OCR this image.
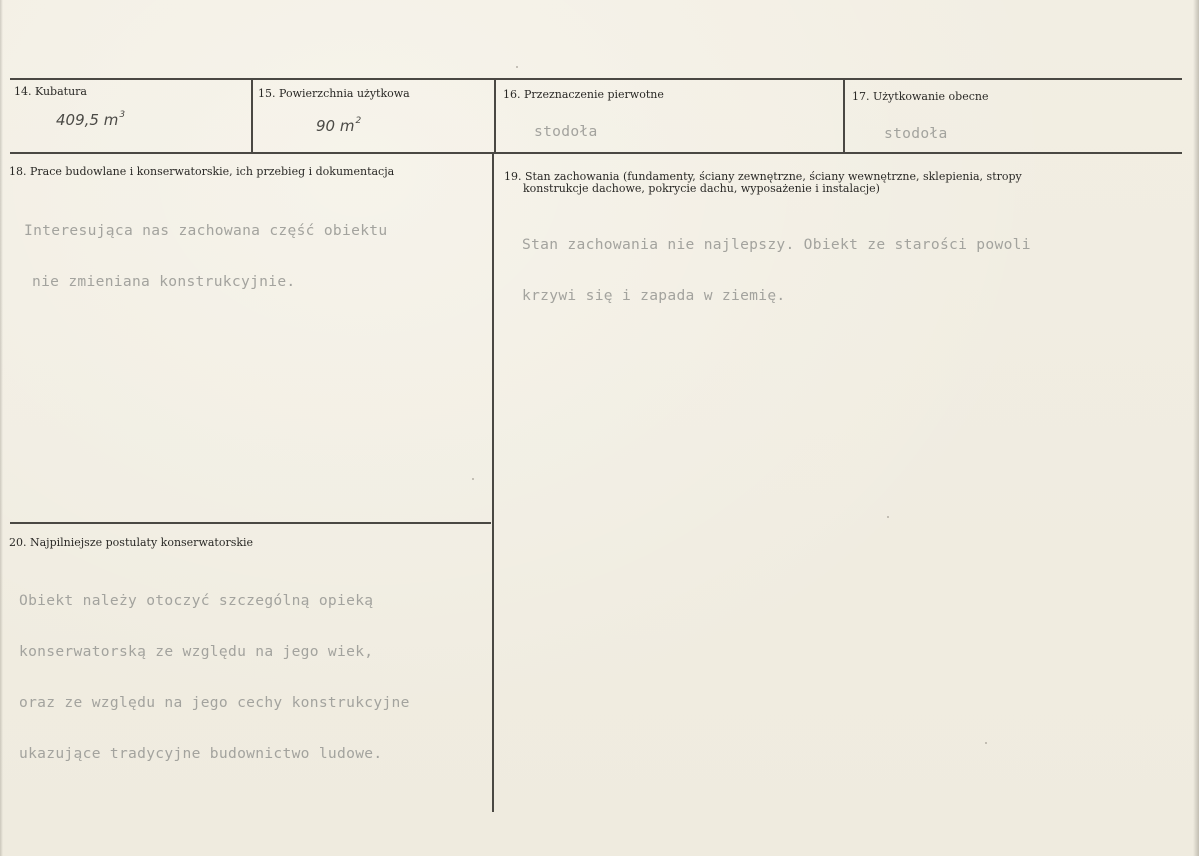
14. Kubatura
409,5 $m^3$
15. Powierzchnia użytkowa
90 $m^2$
16. Przeznaczenie pierwotne
stodoła
17. Użytkowanie obecne
stodoła
18. Prace budowlane i konserwatorskie, ich przebieg i dokumentacja

Interesująca nas zachowana część obiektu

nie zmieniana konstrukcyjnie.

19. Stan zachowania (fundamenty, ściany zewnętrzne, ściany wewnętrzne, sklepienia, stropy
konstrukcje dachowe, pokrycie dachu, wyposażenie i instalacje)

Stan zachowania nie najlepszy. Obiekt ze starości powoli

krzywi się i zapada w ziemię.

20. Najpilniejsze postulaty konserwatorskie

Obiekt należy otoczyć szczególną opieką

konserwatorską ze względu na jego wiek,

oraz ze względu na jego cechy konstrukcyjne

ukazujące tradycyjne budownictwo ludowe.
